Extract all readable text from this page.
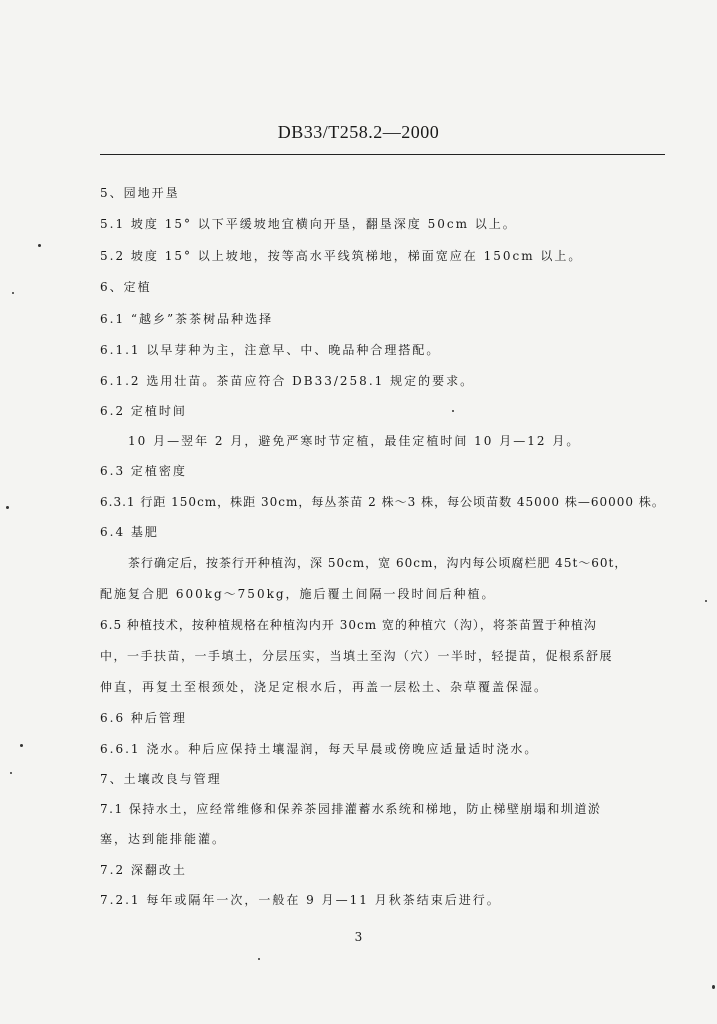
DB33/T258.2—2000
5、园地开垦
5.1 坡度 15° 以下平缓坡地宜横向开垦，翻垦深度 50cm 以上。
5.2 坡度 15° 以上坡地，按等高水平线筑梯地，梯面宽应在 150cm 以上。
6、定植
6.1 “越乡”茶茶树品种选择
6.1.1 以早芽种为主，注意早、中、晚品种合理搭配。
6.1.2 选用壮苗。茶苗应符合 DB33/258.1 规定的要求。
6.2 定植时间
10 月—翌年 2 月，避免严寒时节定植，最佳定植时间 10 月—12 月。
6.3 定植密度
6.3.1 行距 150cm，株距 30cm，每丛茶苗 2 株～3 株，每公顷苗数 45000 株—60000 株。
6.4 基肥
茶行确定后，按茶行开种植沟，深 50cm，宽 60cm，沟内每公顷腐栏肥 45t～60t，
配施复合肥 600kg～750kg，施后覆土间隔一段时间后种植。
6.5 种植技术，按种植规格在种植沟内开 30cm 宽的种植穴（沟），将茶苗置于种植沟
中，一手扶苗，一手填土，分层压实，当填土至沟（穴）一半时，轻提苗，促根系舒展
伸直，再复土至根颈处，浇足定根水后，再盖一层松土、杂草覆盖保湿。
6.6 种后管理
6.6.1 浇水。种后应保持土壤湿润，每天早晨或傍晚应适量适时浇水。
7、土壤改良与管理
7.1 保持水土，应经常维修和保养茶园排灌蓄水系统和梯地，防止梯壁崩塌和圳道淤
塞，达到能排能灌。
7.2 深翻改土
7.2.1 每年或隔年一次，一般在 9 月—11 月秋茶结束后进行。
3
